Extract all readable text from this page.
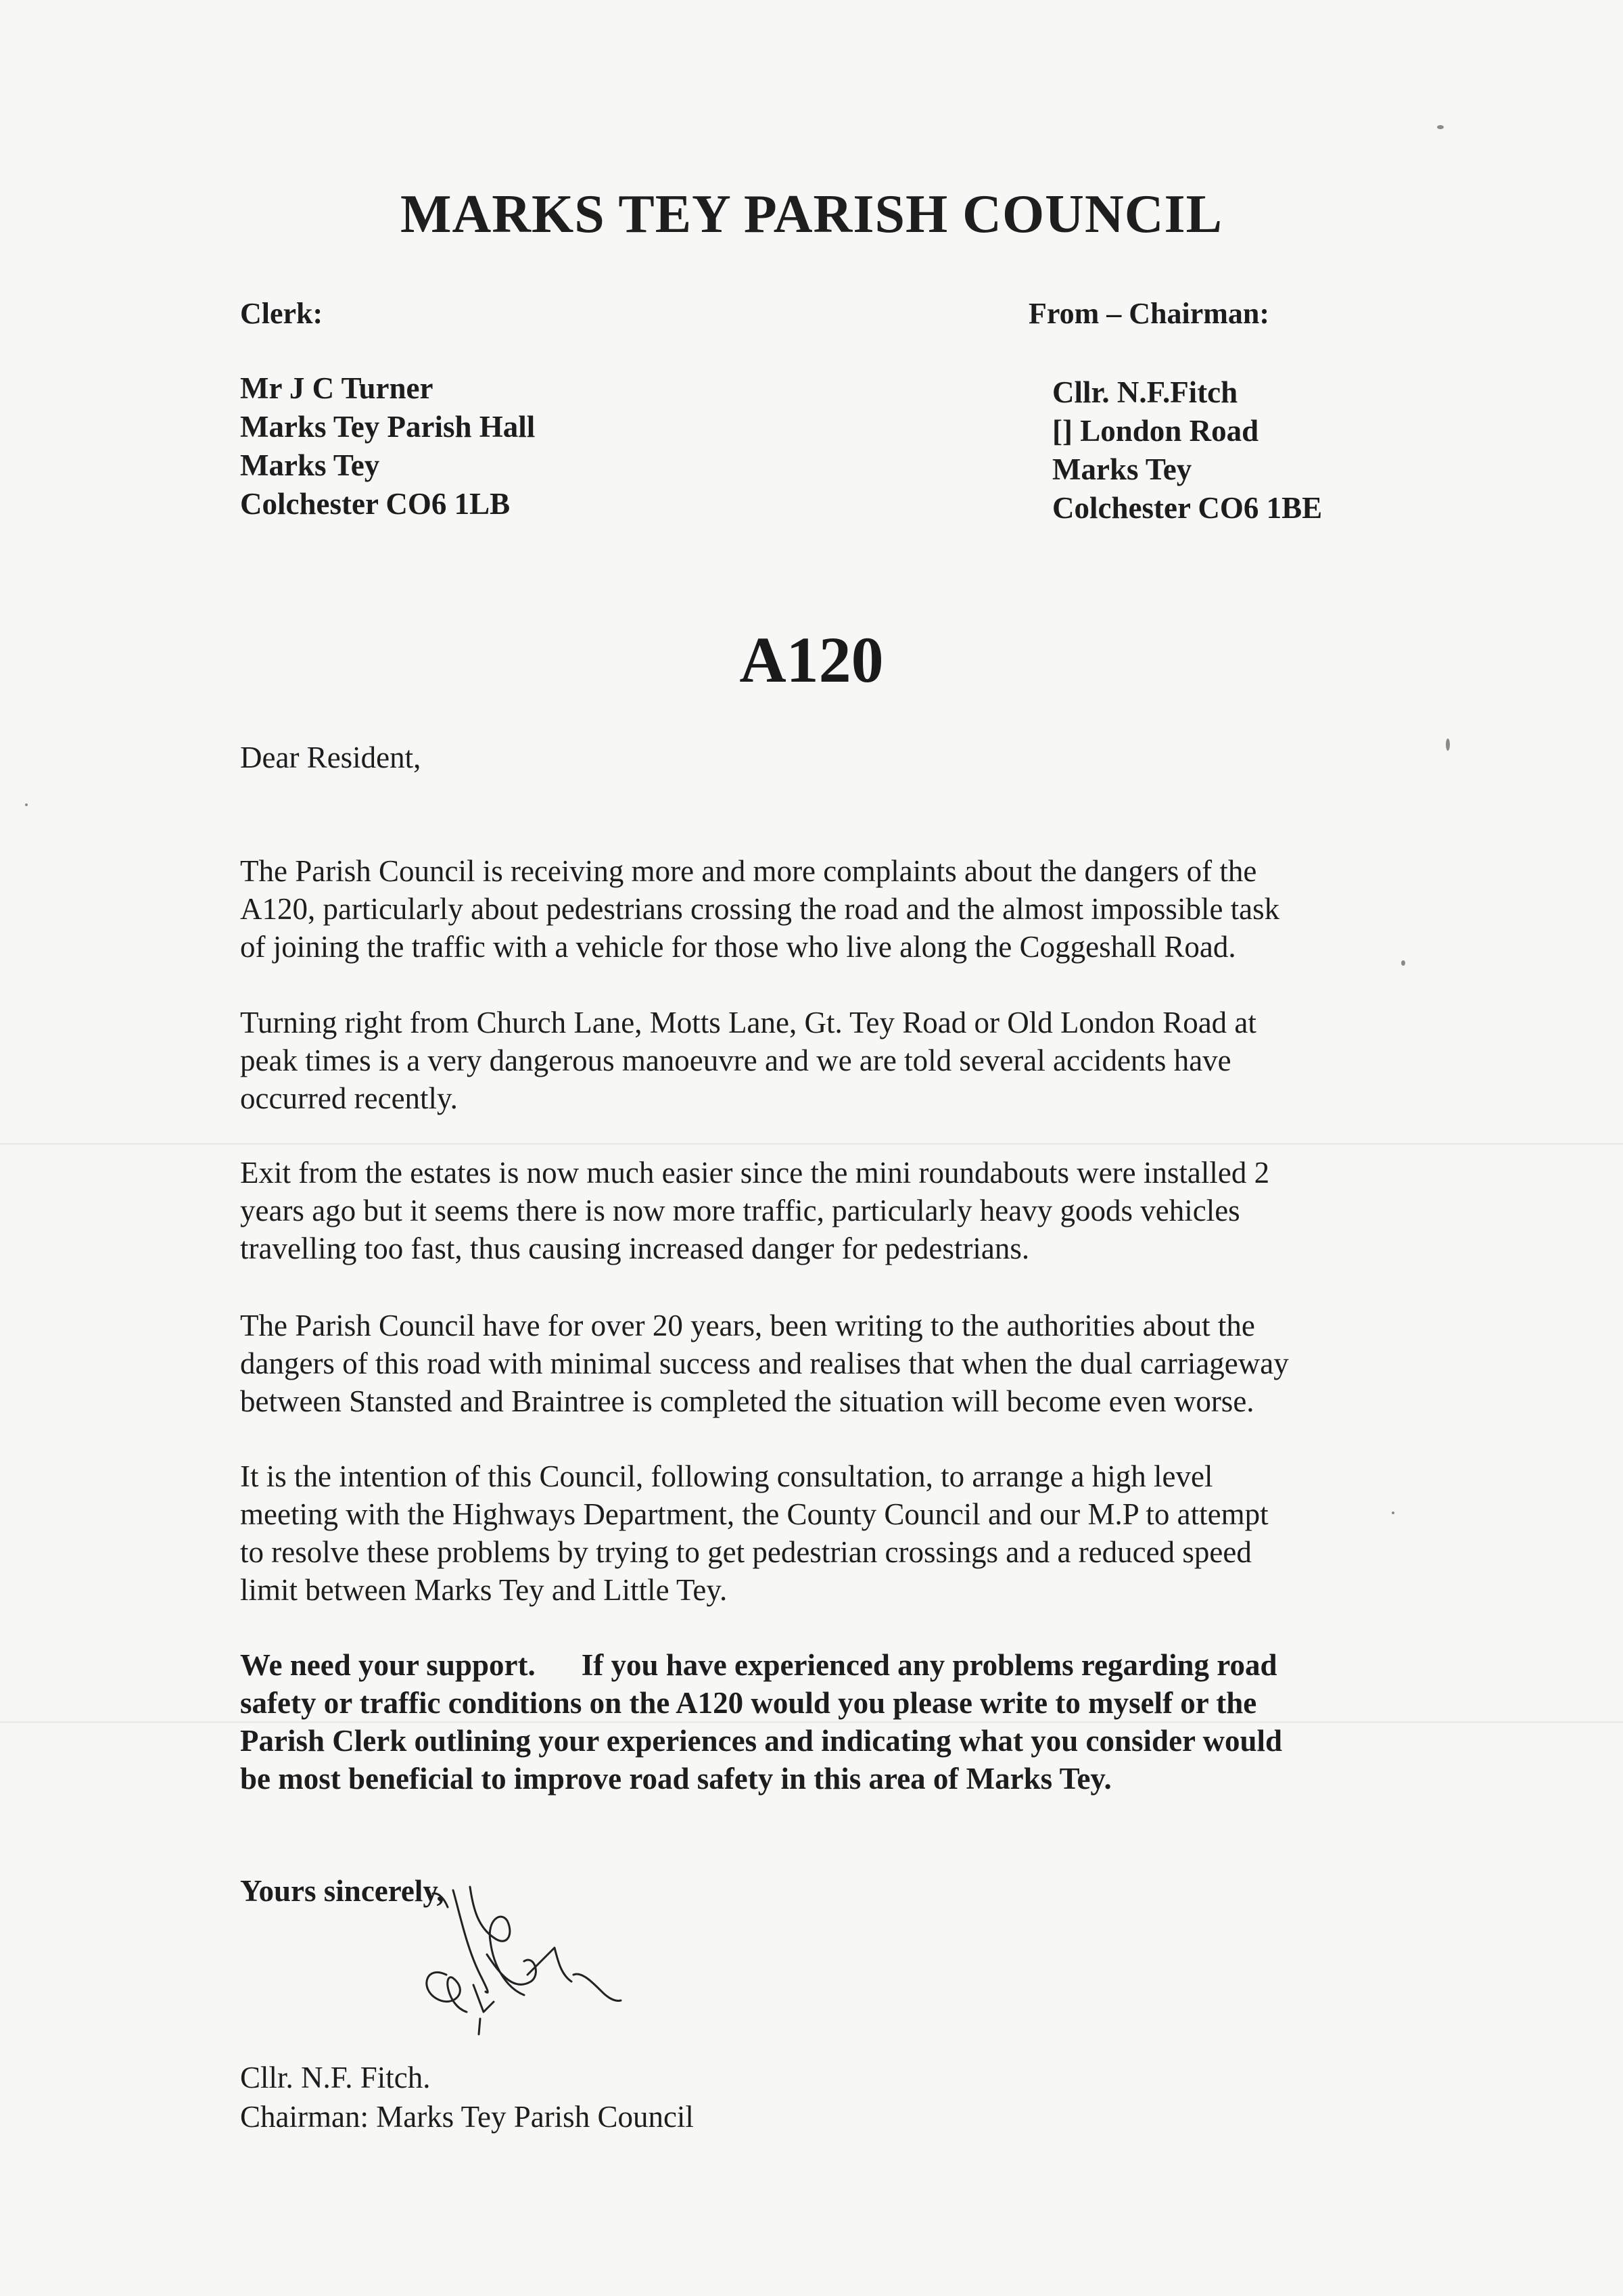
MARKS TEY PARISH COUNCIL
Clerk:	From – Chairman:
Mr J C Turner
Marks Tey Parish Hall
Marks Tey
Colchester CO6 1LB
Cllr. N.F.Fitch
[] London Road
Marks Tey
Colchester CO6 1BE
A120
Dear Resident,
The Parish Council is receiving more and more complaints about the dangers of the
A120, particularly about pedestrians crossing the road and the almost impossible task
of joining the traffic with a vehicle for those who live along the Coggeshall Road.
Turning right from Church Lane, Motts Lane, Gt. Tey Road or Old London Road at
peak times is a very dangerous manoeuvre and we are told several accidents have
occurred recently.
Exit from the estates is now much easier since the mini roundabouts were installed 2
years ago but it seems there is now more traffic, particularly heavy goods vehicles
travelling too fast, thus causing increased danger for pedestrians.
The Parish Council have for over 20 years, been writing to the authorities about the
dangers of this road with minimal success and realises that when the dual carriageway
between Stansted and Braintree is completed the situation will become even worse.
It is the intention of this Council, following consultation, to arrange a high level
meeting with the Highways Department, the County Council and our M.P to attempt
to resolve these problems by trying to get pedestrian crossings and a reduced speed
limit between Marks Tey and Little Tey.
We need your support. If you have experienced any problems regarding road
safety or traffic conditions on the A120 would you please write to myself or the
Parish Clerk outlining your experiences and indicating what you consider would
be most beneficial to improve road safety in this area of Marks Tey.
Yours sincerely,
Cllr. N.F. Fitch.
Chairman: Marks Tey Parish Council
